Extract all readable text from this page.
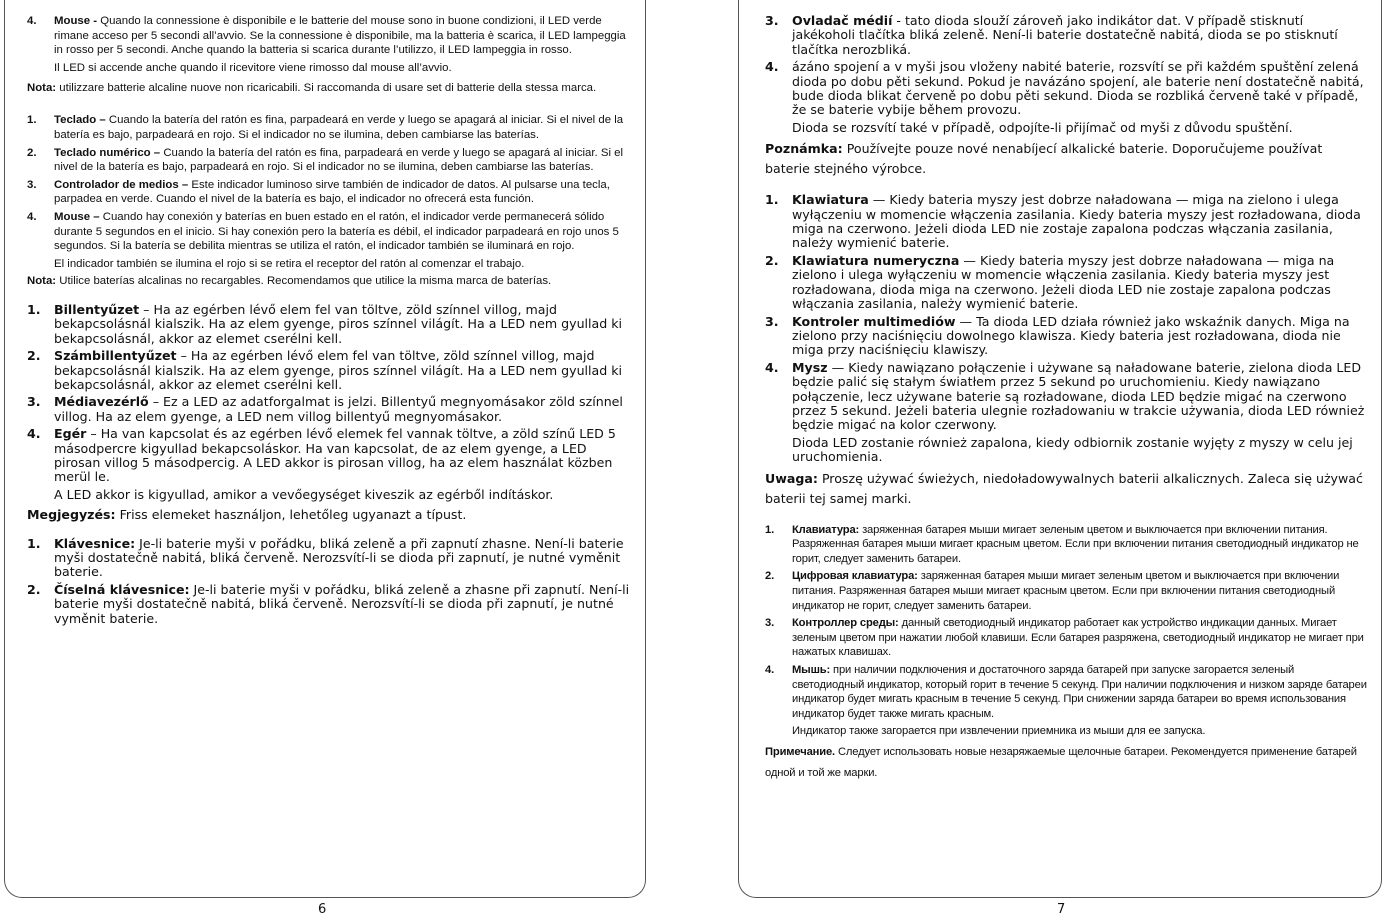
4.	Mouse - Quando la connessione è disponibile e le batterie del mouse sono in buone condizioni, il LED verde rimane acceso per 5 secondi all’avvio. Se la connessione è disponibile, ma la batteria è scarica, il LED lampeggia in rosso per 5 secondi. Anche quando la batteria si scarica durante l’utilizzo, il LED lampeggia in rosso.
Il LED si accende anche quando il ricevitore viene rimosso dal mouse all’avvio.
Nota: utilizzare batterie alcaline nuove non ricaricabili. Si raccomanda di usare set di batterie della stessa marca.
1.	Teclado – Cuando la batería del ratón es fina, parpadeará en verde y luego se apagará al iniciar. Si el nivel de la batería es bajo, parpadeará en rojo. Si el indicador no se ilumina, deben cambiarse las baterías.
2.	Teclado numérico – Cuando la batería del ratón es fina, parpadeará en verde y luego se apagará al iniciar. Si el nivel de la batería es bajo, parpadeará en rojo. Si el indicador no se ilumina, deben cambiarse las baterías.
3.	Controlador de medios – Este indicador luminoso sirve también de indicador de datos. Al pulsarse una tecla, parpadea en verde. Cuando el nivel de la batería es bajo, el indicador no ofrecerá esta función.
4.	Mouse – Cuando hay conexión y baterías en buen estado en el ratón, el indicador verde permanecerá sólido durante 5 segundos en el inicio. Si hay conexión pero la batería es débil, el indicador parpadeará en rojo unos 5 segundos. Si la batería se debilita mientras se utiliza el ratón, el indicador también se iluminará en rojo.
El indicador también se ilumina el rojo si se retira el receptor del ratón al comenzar el trabajo.
Nota: Utilice baterías alcalinas no recargables. Recomendamos que utilice la misma marca de baterías.
1.	Billentyűzet – Ha az egérben lévő elem fel van töltve, zöld színnel villog, majd bekapcsolásnál kialszik. Ha az elem gyenge, piros színnel világít. Ha a LED nem gyullad ki bekapcsolásnál, akkor az elemet cserélni kell.
2.	Számbillentyűzet – Ha az egérben lévő elem fel van töltve, zöld színnel villog, majd bekapcsolásnál kialszik. Ha az elem gyenge, piros színnel világít. Ha a LED nem gyullad ki bekapcsolásnál, akkor az elemet cserélni kell.
3.	Médiavezérlő – Ez a LED az adatforgalmat is jelzi. Billentyű megnyomásakor zöld színnel villog. Ha az elem gyenge, a LED nem villog billentyű megnyomásakor.
4.	Egér – Ha van kapcsolat és az egérben lévő elemek fel vannak töltve, a zöld színű LED 5 másodpercre kigyullad bekapcsoláskor. Ha van kapcsolat, de az elem gyenge, a LED pirosan villog 5 másodpercig. A LED akkor is pirosan villog, ha az elem használat közben merül le.
A LED akkor is kigyullad, amikor a vevőegységet kiveszik az egérből indításkor.
Megjegyzés: Friss elemeket használjon, lehetőleg ugyanazt a típust.
1.	Klávesnice: Je-li baterie myši v pořádku, bliká zeleně a při zapnutí zhasne. Není-li baterie myši dostatečně nabitá, bliká červeně. Nerozsvítí-li se dioda při zapnutí, je nutné vyměnit baterie.
2.	Číselná klávesnice: Je-li baterie myši v pořádku, bliká zeleně a zhasne při zapnutí. Není-li baterie myši dostatečně nabitá, bliká červeně. Nerozsvítí-li se dioda při zapnutí, je nutné vyměnit baterie.
6
3.	Ovladač médií - tato dioda slouží zároveň jako indikátor dat. V případě stisknutí jakékoholi tlačítka bliká zeleně. Není-li baterie dostatečně nabitá, dioda se po stisknutí tlačítka nerozbliká.
4.	ázáno spojení a v myši jsou vloženy nabité baterie, rozsvítí se při každém spuštění zelená dioda po dobu pěti sekund. Pokud je navázáno spojení, ale baterie není dostatečně nabitá, bude dioda blikat červeně po dobu pěti sekund. Dioda se rozbliká červeně také v případě, že se baterie vybije během provozu.
Dioda se rozsvítí také v případě, odpojíte-li přijímač od myši z důvodu spuštění.
Poznámka: Používejte pouze nové nenabíjecí alkalické baterie. Doporučujeme používat baterie stejného výrobce.
1.	Klawiatura — Kiedy bateria myszy jest dobrze naładowana — miga na zielono i ulega wyłączeniu w momencie włączenia zasilania. Kiedy bateria myszy jest rozładowana, dioda miga na czerwono. Jeżeli dioda LED nie zostaje zapalona podczas włączania zasilania, należy wymienić baterie.
2.	Klawiatura numeryczna — Kiedy bateria myszy jest dobrze naładowana — miga na zielono i ulega wyłączeniu w momencie włączenia zasilania. Kiedy bateria myszy jest rozładowana, dioda miga na czerwono. Jeżeli dioda LED nie zostaje zapalona podczas włączania zasilania, należy wymienić baterie.
3.	Kontroler multimediów — Ta dioda LED działa również jako wskaźnik danych. Miga na zielono przy naciśnięciu dowolnego klawisza. Kiedy bateria jest rozładowana, dioda nie miga przy naciśnięciu klawiszy.
4.	Mysz — Kiedy nawiązano połączenie i używane są naładowane baterie, zielona dioda LED będzie palić się stałym światłem przez 5 sekund po uruchomieniu. Kiedy nawiązano połączenie, lecz używane baterie są rozładowane, dioda LED będzie migać na czerwono przez 5 sekund. Jeżeli bateria ulegnie rozładowaniu w trakcie używania, dioda LED również będzie migać na kolor czerwony.
Dioda LED zostanie również zapalona, kiedy odbiornik zostanie wyjęty z myszy w celu jej uruchomienia.
Uwaga: Proszę używać świeżych, niedoładowywalnych baterii alkalicznych. Zaleca się używać baterii tej samej marki.
1.	Клавиатура: заряженная батарея мыши мигает зеленым цветом и выключается при включении питания. Разряженная батарея мыши мигает красным цветом. Если при включении питания светодиодный индикатор не горит, следует заменить батареи.
2.	Цифровая клавиатура: заряженная батарея мыши мигает зеленым цветом и выключается при включении питания. Разряженная батарея мыши мигает красным цветом. Если при включении питания светодиодный индикатор не горит, следует заменить батареи.
3.	Контроллер среды: данный светодиодный индикатор работает как устройство индикации данных. Мигает зеленым цветом при нажатии любой клавиши. Если батарея разряжена, светодиодный индикатор не мигает при нажатых клавишах.
4.	Мышь: при наличии подключения и достаточного заряда батарей при запуске загорается зеленый светодиодный индикатор, который горит в течение 5 секунд. При наличии подключения и низком заряде батареи индикатор будет мигать красным в течение 5 секунд. При снижении заряда батареи во время использования индикатор будет также мигать красным.
Индикатор также загорается при извлечении приемника из мыши для ее запуска.
Примечание. Следует использовать новые незаряжаемые щелочные батареи. Рекомендуется применение батарей одной и той же марки.
7
